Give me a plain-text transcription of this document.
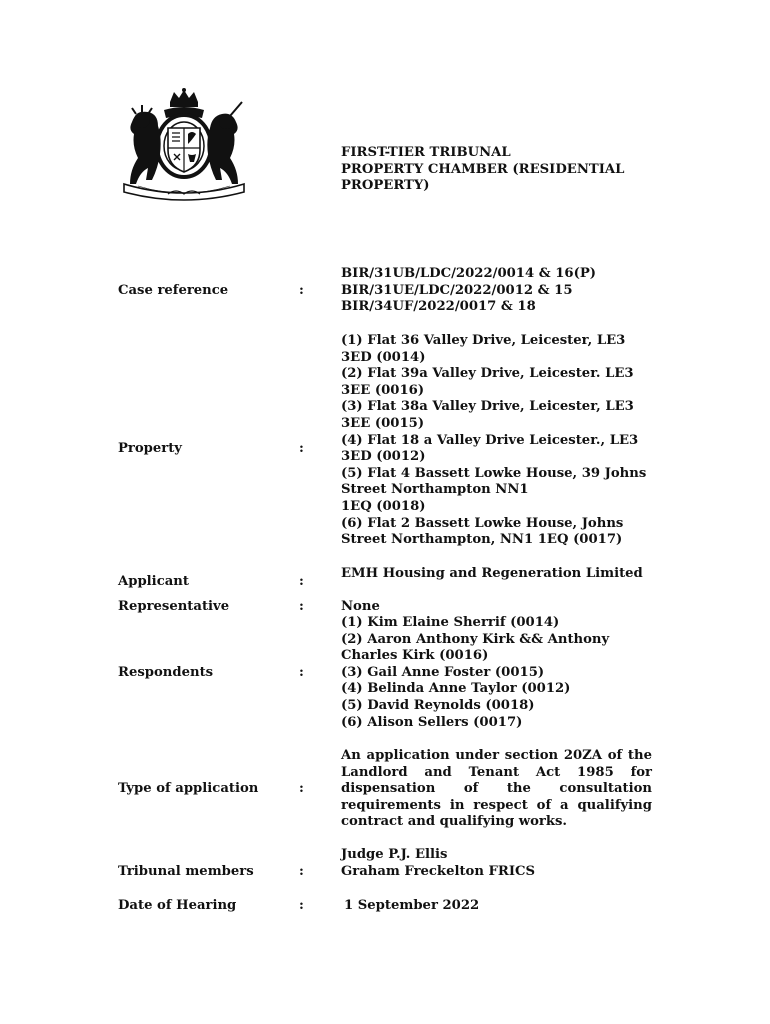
FIRST-TIER TRIBUNAL
PROPERTY CHAMBER (RESIDENTIAL
PROPERTY)
Case reference	:
BIR/31UB/LDC/2022/0014 & 16(P)
BIR/31UE/LDC/2022/0012 & 15
BIR/34UF/2022/0017 & 18
Property	:
(1) Flat 36 Valley Drive, Leicester, LE3
3ED (0014)
(2) Flat 39a Valley Drive, Leicester. LE3
3EE (0016)
(3) Flat 38a Valley Drive, Leicester, LE3
3EE (0015)
(4) Flat 18 a Valley Drive Leicester., LE3
3ED (0012)
(5) Flat 4 Bassett Lowke House, 39 Johns
Street Northampton NN1
1EQ (0018)
(6) Flat 2 Bassett Lowke House, Johns
Street Northampton, NN1 1EQ (0017)
Applicant	:
EMH Housing and Regeneration Limited
Representative	:	None
Respondents	:
(1) Kim Elaine Sherrif (0014)
(2) Aaron Anthony Kirk && Anthony
Charles Kirk (0016)
(3) Gail Anne Foster (0015)
(4) Belinda Anne Taylor (0012)
(5) David Reynolds (0018)
(6) Alison Sellers (0017)
Type of application	:
An application under section 20ZA of the Landlord and Tenant Act 1985 for dispensation of the consultation requirements in respect of a qualifying contract and qualifying works.
Tribunal members	:
Judge P.J. Ellis
Graham Freckelton FRICS
Date of Hearing	:	1 September 2022
